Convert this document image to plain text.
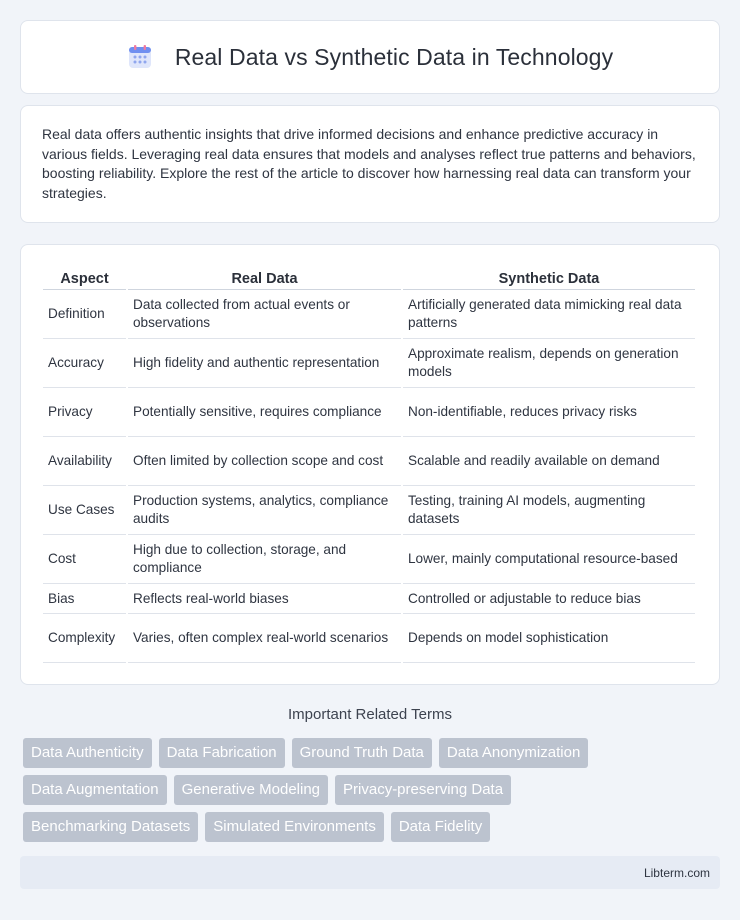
Real Data vs Synthetic Data in Technology

Real data offers authentic insights that drive informed decisions and enhance predictive accuracy in various fields. Leveraging real data ensures that models and analyses reflect true patterns and behaviors, boosting reliability. Explore the rest of the article to discover how harnessing real data can transform your strategies.

Aspect	Real Data	Synthetic Data
Definition	Data collected from actual events or observations	Artificially generated data mimicking real data patterns
Accuracy	High fidelity and authentic representation	Approximate realism, depends on generation models
Privacy	Potentially sensitive, requires compliance	Non-identifiable, reduces privacy risks
Availability	Often limited by collection scope and cost	Scalable and readily available on demand
Use Cases	Production systems, analytics, compliance audits	Testing, training AI models, augmenting datasets
Cost	High due to collection, storage, and compliance	Lower, mainly computational resource-based
Bias	Reflects real-world biases	Controlled or adjustable to reduce bias
Complexity	Varies, often complex real-world scenarios	Depends on model sophistication
Important Related Terms
Data Authenticity	Data Fabrication	Ground Truth Data	Data Anonymization
Data Augmentation	Generative Modeling	Privacy-preserving Data
Benchmarking Datasets	Simulated Environments	Data Fidelity
Libterm.com
